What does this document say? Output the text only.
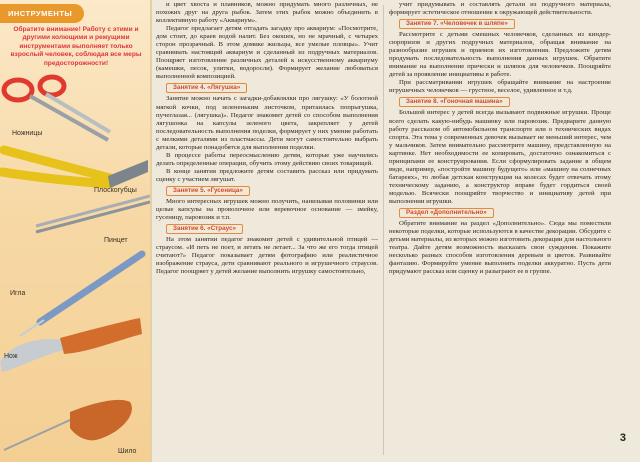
ИНСТРУМЕНТЫ
Обратите внимание! Работу с этими и другими колющими и режущими инструментами выполняет только взрослый человек, соблюдая все меры предосторожности!
Ножницы
Плоскогубцы
Пинцет
Игла
Нож
Шило

и цвет хвоста и плавников, можно придумать много различных, не похожих друг на друга рыбок. Затем этих рыбок можно объединить в коллективную работу «Аквариум».

Педагог предлагает детям отгадать загадку про аквариум: «Посмотрите, дом стоит, до краев водой налит. Без окошек, но не мрачный, с четырех сторон прозрачный. В этом домике жильцы, все умелые пловцы». Учит сравнивать настоящий аквариум и сделанный из подручных материалов. Поощряет изготовление различных деталей к искусственному аквариуму (камешки, песок, улитки, водоросли). Формирует желание любоваться выполненной композицией.

Занятие 4. «Лягушка»

Занятие можно начать с загадки-добавлялки про лягушку: «У болотной мягкой кочки, под зелененьким листочком, притаилась попрыгушка, пучеглазая... (лягушка)». Педагог знакомит детей со способом выполнения лягушонка на капсулы зеленого цвета, закрепляет у детей последовательность выполнения поделки, формирует у них умение работать с мелкими деталями из пластмассы. Дети могут самостоятельно выбрать детали, которые понадобятся для выполнения поделки.

В процессе работы переосмыслению детям, которые уже научились делать определенные операции, обучить этому действию своих товарищей.

В конце занятия предложите детям составить рассказ или придумать сценку с участием лягушат.

Занятие 5. «Гусеница»

Много интересных игрушек можно получить, нанизывая половинки или целые капсулы на проволочное или веревочное основание — змейку, гусеницу, паровозик и т.п.

Занятие 6. «Страус»

На этом занятии педагог знакомит детей с удивительной птицей — страусом. «И петь не поет, и летать не летает... За что же его тогда птицей считают?» Педагог показывает детям фотографию или реалистичное изображение страуса, дети сравнивают реального и игрушечного страусов. Педагог поощряет у детей желание выполнить игрушку самостоятельно,

учит придумывать и составлять детали из подручного материала, формирует эстетическое отношение к окружающей действительности.

Занятие 7. «Человечек в шляпе»

Рассмотрите с детьми смешных человечков, сделанных из киндер-сюрпризов и других подручных материалов, обращая внимание на разнообразие игрушек и приемов их изготовления. Предложите детям продумать последовательность выполнения данных игрушек. Обратите внимание на выполнение прически и шляпок для человечков. Поощряйте детей за проявление инициативы в работе.

При рассматривании игрушек обращайте внимание на настроение игрушечных человечков — грустное, веселое, удивленное и т.д.

Занятие 8. «Гоночная машина»

Большой интерес у детей всегда вызывают подвижные игрушки. Проще всего сделать какую-нибудь машинку или паровозик. Предварите данную работу рассказом об автомобильном транспорте или о технических видах спорта. Эта тема у современных девочек вызывает не меньший интерес, чем у мальчиков. Затем внимательно рассмотрите машину, представленную на картинке. Нет необходимости ее копировать, достаточно ознакомиться с принципами ее конструирования. Если сформулировать задание в общем виде, например, «постройте машину будущего» или «машину на солнечных батареях», то любая детская конструкция на колесах будет отвечать этому техническому заданию, а конструктор вправе будет гордиться своей моделью. Всячески поощряйте творчество и инициативу детей при выполнении игрушки.

Раздел «Дополнительно»

Обратите внимание на раздел «Дополнительно». Сюда мы поместили некоторые поделки, которые используются в качестве декорации. Обсудите с детьми материалы, из которых можно изготовить декорации для настольного театра. Дайте детям возможность высказать свои суждения. Покажите несколько разных способов изготовления деревьев и цветов. Развивайте фантазию. Формируйте умение выполнять поделки аккуратно. Пусть дети придумают рассказ или сценку и разыграют ее в группе.

3
